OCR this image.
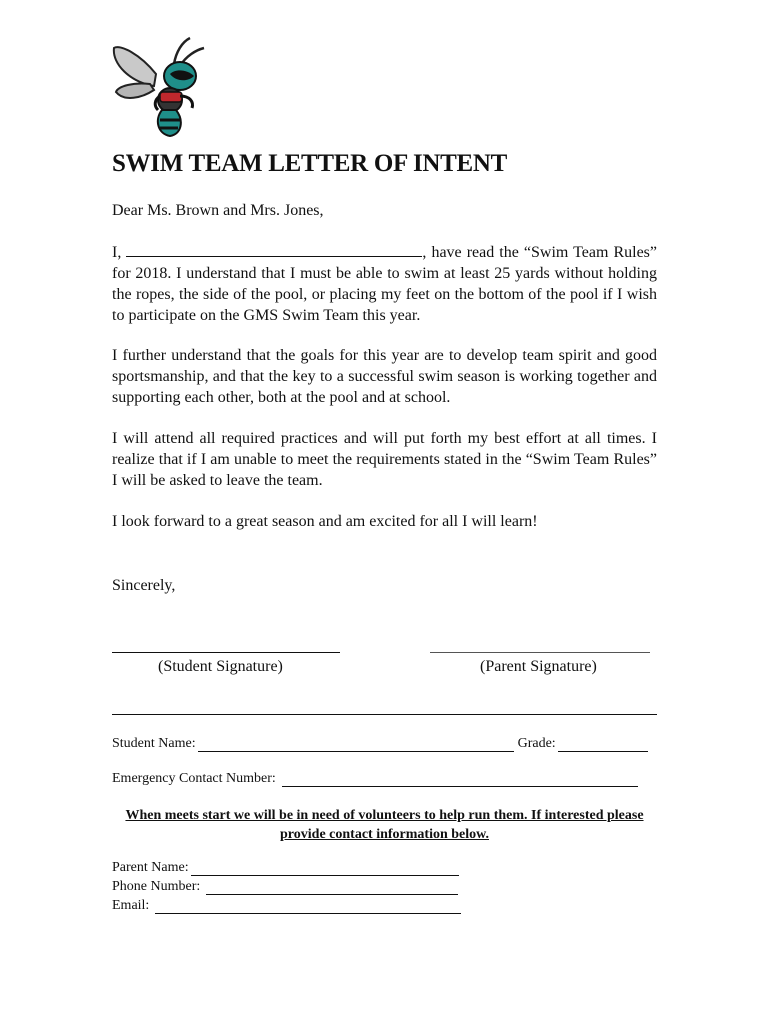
SWIM TEAM LETTER OF INTENT
Dear Ms. Brown and Mrs. Jones,
I,	, have read the “Swim Team Rules” for 2018. I understand that I must be able to swim at least 25 yards without holding the ropes, the side of the pool, or placing my feet on the bottom of the pool if I wish to participate on the GMS Swim Team this year.
I further understand that the goals for this year are to develop team spirit and good sportsmanship, and that the key to a successful swim season is working together and supporting each other, both at the pool and at school.
I will attend all required practices and will put forth my best effort at all times. I realize that if I am unable to meet the requirements stated in the “Swim Team Rules” I will be asked to leave the team.
I look forward to a great season and am excited for all I will learn!
Sincerely,
(Student Signature)	(Parent Signature)
Student Name:	Grade:
Emergency Contact Number:
When meets start we will be in need of volunteers to help run them. If interested please provide contact information below.
Parent Name:
Phone Number:
Email:
